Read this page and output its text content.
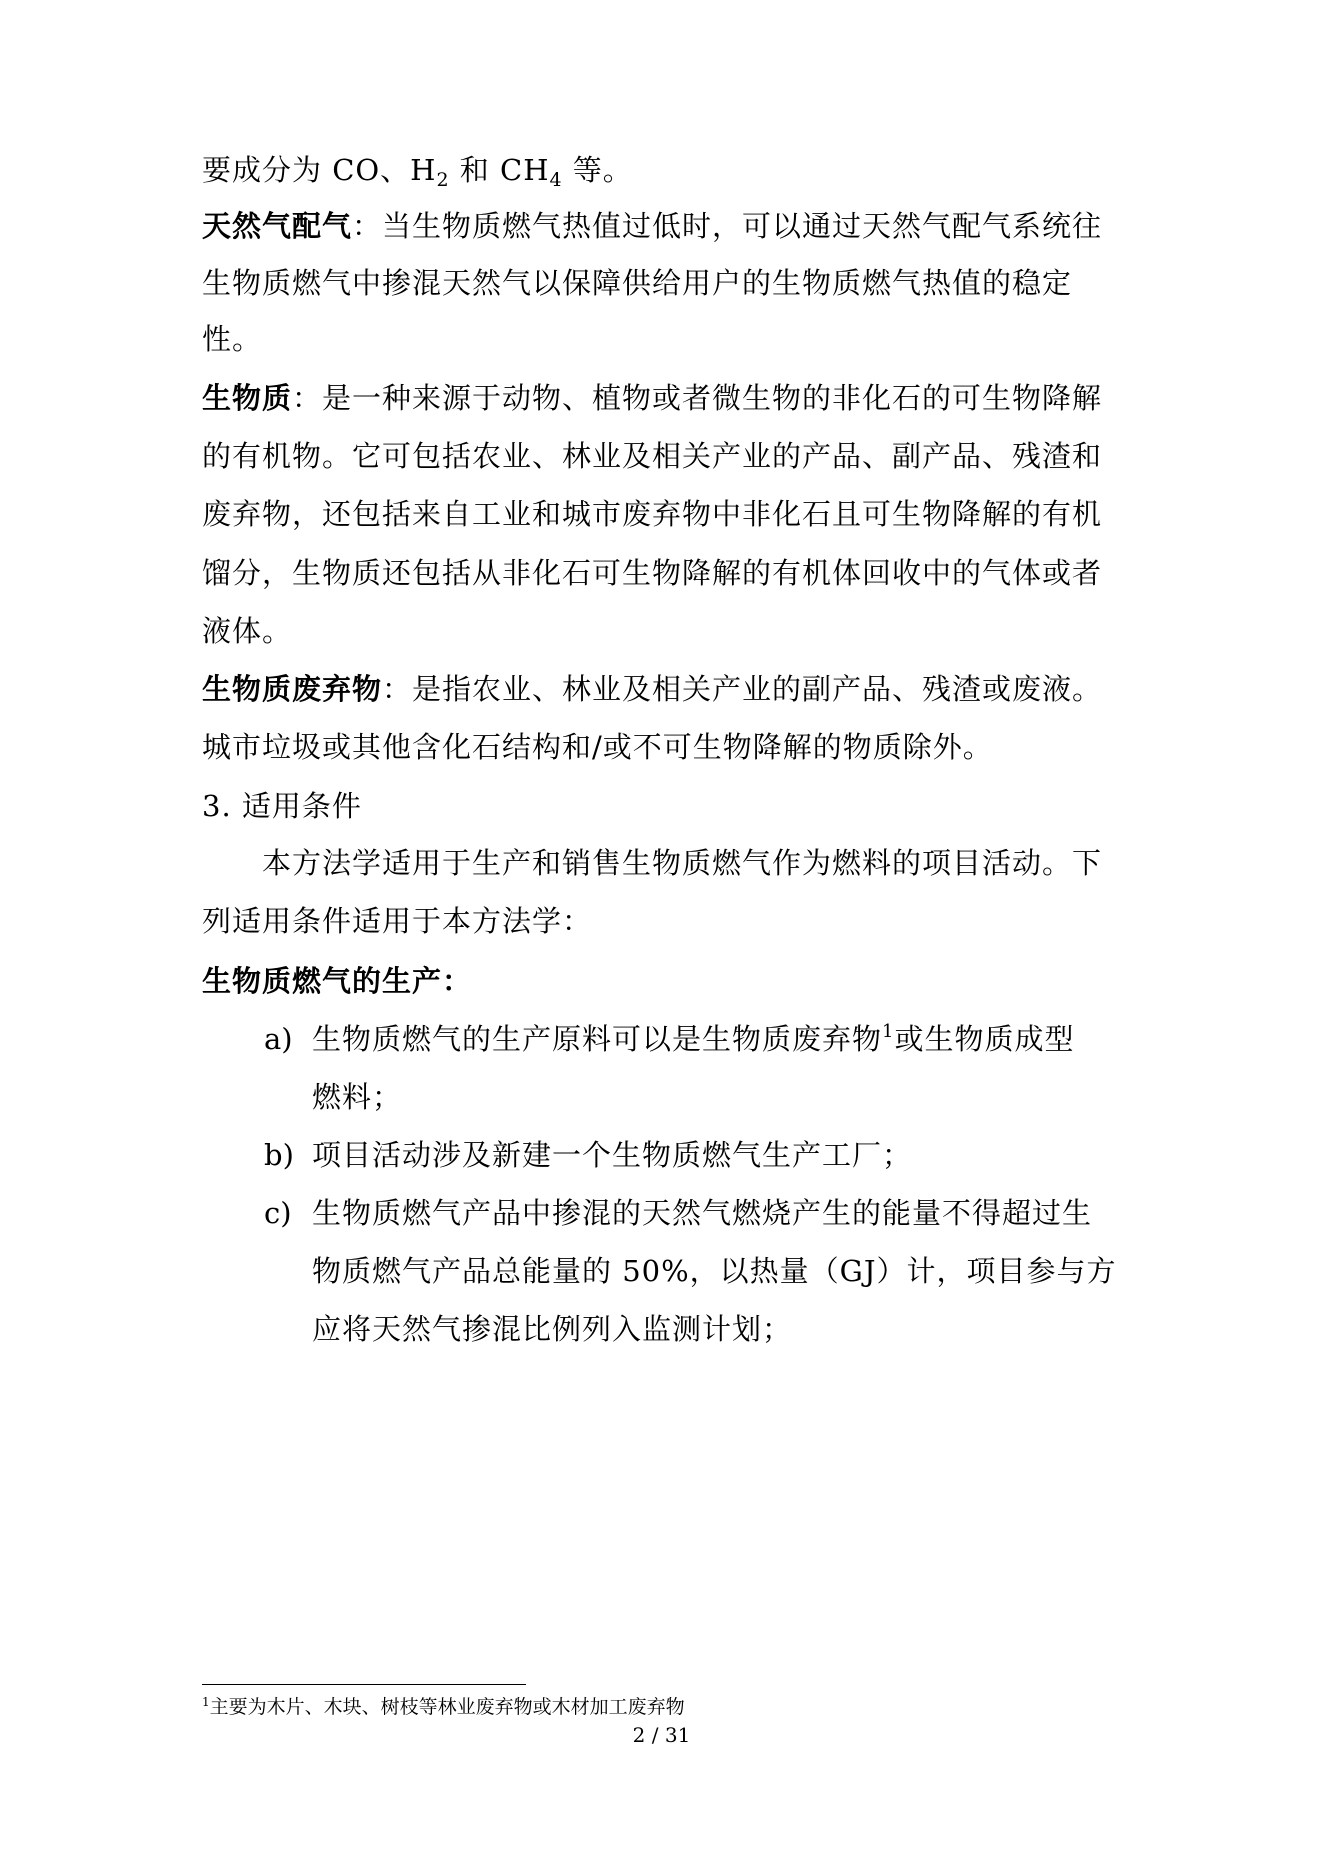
要成分为 CO、$H_2$ 和 $CH_4$ 等。
天然气配气：当生物质燃气热值过低时，可以通过天然气配气系统往
生物质燃气中掺混天然气以保障供给用户的生物质燃气热值的稳定
性。
生物质：是一种来源于动物、植物或者微生物的非化石的可生物降解
的有机物。它可包括农业、林业及相关产业的产品、副产品、残渣和
废弃物，还包括来自工业和城市废弃物中非化石且可生物降解的有机
馏分，生物质还包括从非化石可生物降解的有机体回收中的气体或者
液体。
生物质废弃物：是指农业、林业及相关产业的副产品、残渣或废液。
城市垃圾或其他含化石结构和/或不可生物降解的物质除外。
3. 适用条件
本方法学适用于生产和销售生物质燃气作为燃料的项目活动。下
列适用条件适用于本方法学：
生物质燃气的生产：
a) 生物质燃气的生产原料可以是生物质废弃物$^1$或生物质成型
燃料；
b) 项目活动涉及新建一个生物质燃气生产工厂；
c) 生物质燃气产品中掺混的天然气燃烧产生的能量不得超过生
物质燃气产品总能量的 50%，以热量（GJ）计，项目参与方
应将天然气掺混比例列入监测计划；
$^1$主要为木片、木块、树枝等林业废弃物或木材加工废弃物
2 / 31
